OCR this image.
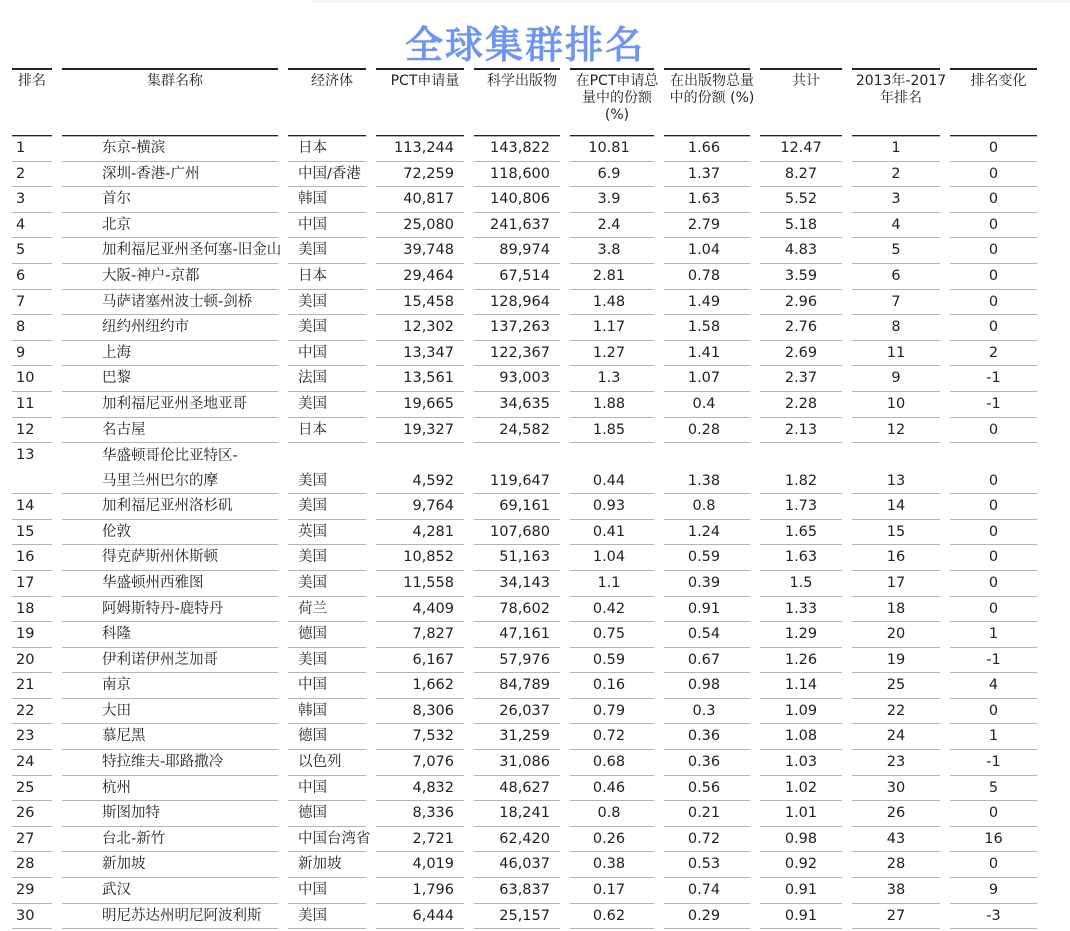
全球集群排名
排名	集群名称	经济体	PCT申请量	科学出版物	在PCT申请总量中的份额 (%)	在出版物总量中的份额 (%)	共计	2013年-2017年排名	排名变化
1	东京-横滨	日本	113,244	143,822	10.81	1.66	12.47	1	0
2	深圳-香港-广州	中国/香港	72,259	118,600	6.9	1.37	8.27	2	0
3	首尔	韩国	40,817	140,806	3.9	1.63	5.52	3	0
4	北京	中国	25,080	241,637	2.4	2.79	5.18	4	0
5	加利福尼亚州圣何塞-旧金山	美国	39,748	89,974	3.8	1.04	4.83	5	0
6	大阪-神户-京都	日本	29,464	67,514	2.81	0.78	3.59	6	0
7	马萨诸塞州波士顿-剑桥	美国	15,458	128,964	1.48	1.49	2.96	7	0
8	纽约州纽约市	美国	12,302	137,263	1.17	1.58	2.76	8	0
9	上海	中国	13,347	122,367	1.27	1.41	2.69	11	2
10	巴黎	法国	13,561	93,003	1.3	1.07	2.37	9	-1
11	加利福尼亚州圣地亚哥	美国	19,665	34,635	1.88	0.4	2.28	10	-1
12	名古屋	日本	19,327	24,582	1.85	0.28	2.13	12	0
13	华盛顿哥伦比亚特区-
马里兰州巴尔的摩	美国	4,592	119,647	0.44	1.38	1.82	13	0
14	加利福尼亚州洛杉矶	美国	9,764	69,161	0.93	0.8	1.73	14	0
15	伦敦	英国	4,281	107,680	0.41	1.24	1.65	15	0
16	得克萨斯州休斯顿	美国	10,852	51,163	1.04	0.59	1.63	16	0
17	华盛顿州西雅图	美国	11,558	34,143	1.1	0.39	1.5	17	0
18	阿姆斯特丹-鹿特丹	荷兰	4,409	78,602	0.42	0.91	1.33	18	0
19	科隆	德国	7,827	47,161	0.75	0.54	1.29	20	1
20	伊利诺伊州芝加哥	美国	6,167	57,976	0.59	0.67	1.26	19	-1
21	南京	中国	1,662	84,789	0.16	0.98	1.14	25	4
22	大田	韩国	8,306	26,037	0.79	0.3	1.09	22	0
23	慕尼黑	德国	7,532	31,259	0.72	0.36	1.08	24	1
24	特拉维夫-耶路撒冷	以色列	7,076	31,086	0.68	0.36	1.03	23	-1
25	杭州	中国	4,832	48,627	0.46	0.56	1.02	30	5
26	斯图加特	德国	8,336	18,241	0.8	0.21	1.01	26	0
27	台北-新竹	中国台湾省	2,721	62,420	0.26	0.72	0.98	43	16
28	新加坡	新加坡	4,019	46,037	0.38	0.53	0.92	28	0
29	武汉	中国	1,796	63,837	0.17	0.74	0.91	38	9
30	明尼苏达州明尼阿波利斯	美国	6,444	25,157	0.62	0.29	0.91	27	-3
